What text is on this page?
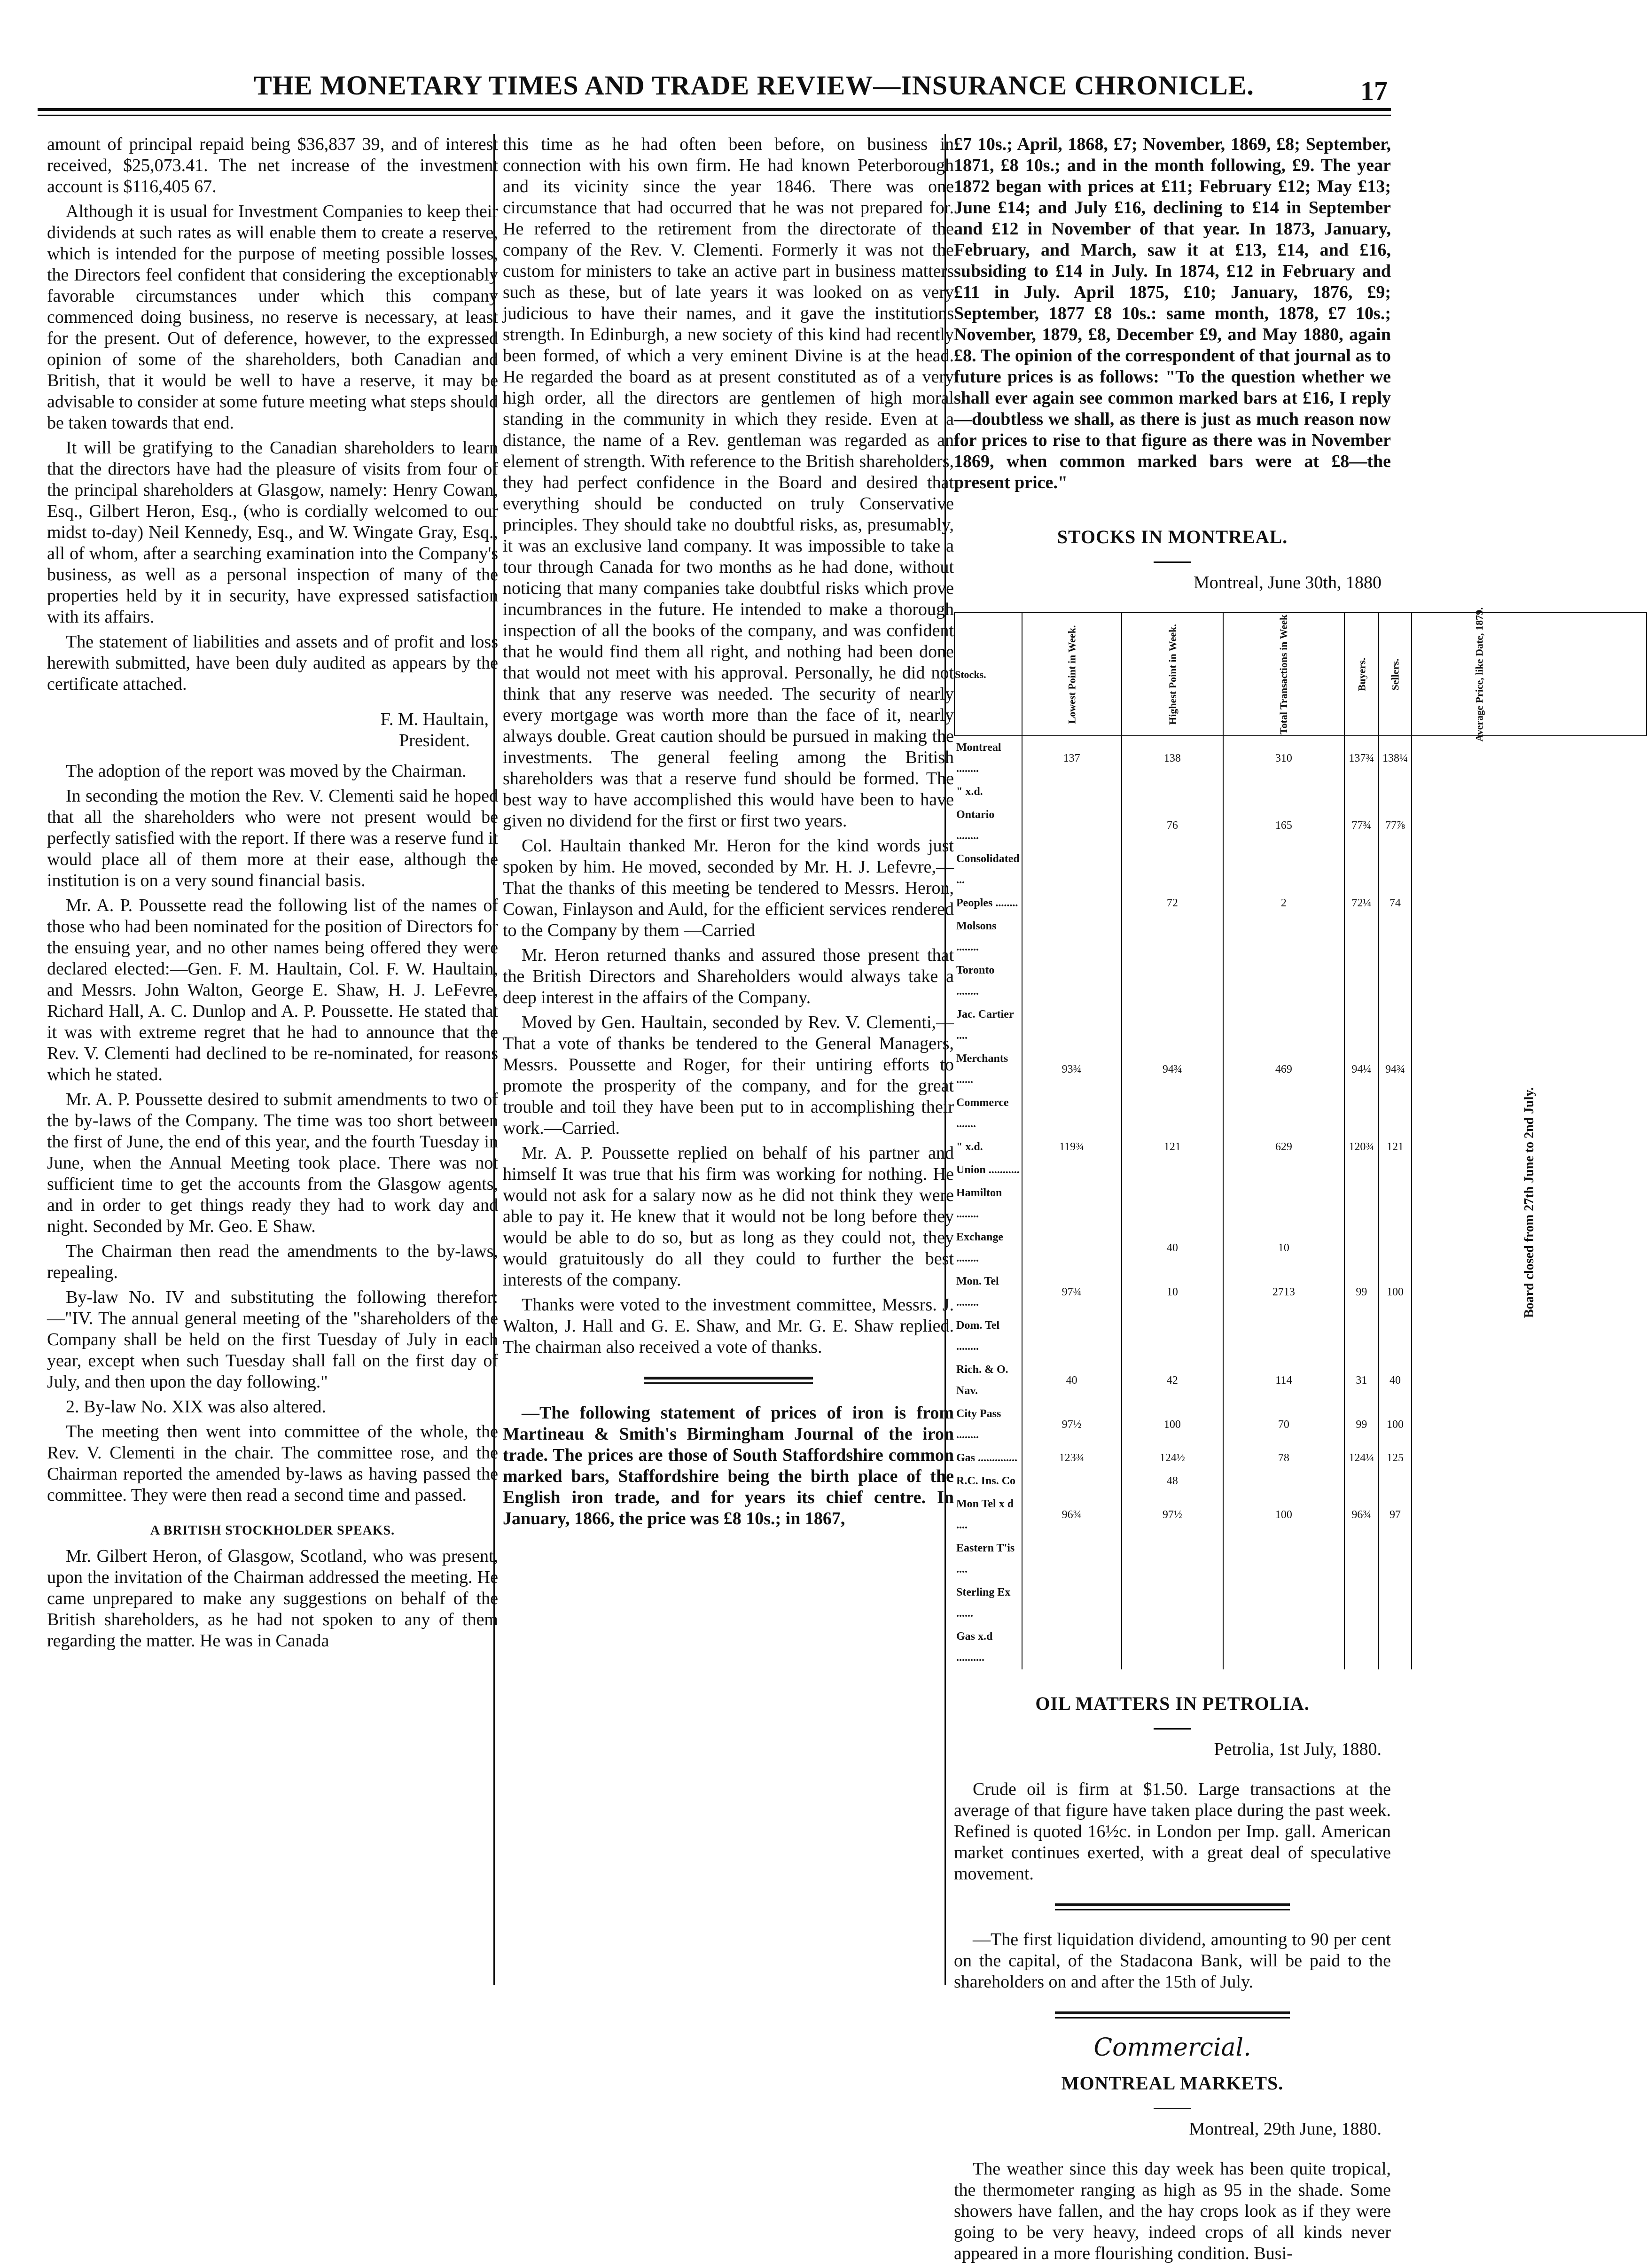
THE MONETARY TIMES AND TRADE REVIEW—INSURANCE CHRONICLE.	17

amount of principal repaid being $36,837 39, and of interest received, $25,073.41. The net increase of the investment account is $116,405 67.

Although it is usual for Investment Companies to keep their dividends at such rates as will enable them to create a reserve, which is intended for the purpose of meeting possible losses, the Directors feel confident that considering the exceptionably favorable circumstances under which this company commenced doing business, no reserve is necessary, at least for the present. Out of deference, however, to the expressed opinion of some of the shareholders, both Canadian and British, that it would be well to have a reserve, it may be advisable to consider at some future meeting what steps should be taken towards that end.

It will be gratifying to the Canadian shareholders to learn that the directors have had the pleasure of visits from four of the principal shareholders at Glasgow, namely: Henry Cowan, Esq., Gilbert Heron, Esq., (who is cordially welcomed to our midst to-day) Neil Kennedy, Esq., and W. Wingate Gray, Esq., all of whom, after a searching examination into the Company's business, as well as a personal inspection of many of the properties held by it in security, have expressed satisfaction with its affairs.

The statement of liabilities and assets and of profit and loss herewith submitted, have been duly audited as appears by the certificate attached.

F. M. Haultain,
President.

The adoption of the report was moved by the Chairman.

In seconding the motion the Rev. V. Clementi said he hoped that all the shareholders who were not present would be perfectly satisfied with the report. If there was a reserve fund it would place all of them more at their ease, although the institution is on a very sound financial basis.

Mr. A. P. Poussette read the following list of the names of those who had been nominated for the position of Directors for the ensuing year, and no other names being offered they were declared elected:—Gen. F. M. Haultain, Col. F. W. Haultain, and Messrs. John Walton, George E. Shaw, H. J. LeFevre, Richard Hall, A. C. Dunlop and A. P. Poussette. He stated that it was with extreme regret that he had to announce that the Rev. V. Clementi had declined to be re-nominated, for reasons which he stated.

Mr. A. P. Poussette desired to submit amendments to two of the by-laws of the Company. The time was too short between the first of June, the end of this year, and the fourth Tuesday in June, when the Annual Meeting took place. There was not sufficient time to get the accounts from the Glasgow agents, and in order to get things ready they had to work day and night. Seconded by Mr. Geo. E Shaw.

The Chairman then read the amendments to the by-laws, repealing.

By-law No. IV and substituting the following therefor:—"IV. The annual general meeting of the "shareholders of the Company shall be held on the first Tuesday of July in each year, except when such Tuesday shall fall on the first day of July, and then upon the day following."

2. By-law No. XIX was also altered.

The meeting then went into committee of the whole, the Rev. V. Clementi in the chair. The committee rose, and the Chairman reported the amended by-laws as having passed the committee. They were then read a second time and passed.

A BRITISH STOCKHOLDER SPEAKS.

Mr. Gilbert Heron, of Glasgow, Scotland, who was present, upon the invitation of the Chairman addressed the meeting. He came unprepared to make any suggestions on behalf of the British shareholders, as he had not spoken to any of them regarding the matter. He was in Canada

this time as he had often been before, on business in connection with his own firm. He had known Peterborough and its vicinity since the year 1846. There was one circumstance that had occurred that he was not prepared for. He referred to the retirement from the directorate of the company of the Rev. V. Clementi. Formerly it was not the custom for ministers to take an active part in business matters such as these, but of late years it was looked on as very judicious to have their names, and it gave the institutions strength. In Edinburgh, a new society of this kind had recently been formed, of which a very eminent Divine is at the head. He regarded the board as at present constituted as of a very high order, all the directors are gentlemen of high moral standing in the community in which they reside. Even at a distance, the name of a Rev. gentleman was regarded as an element of strength. With reference to the British shareholders, they had perfect confidence in the Board and desired that everything should be conducted on truly Conservative principles. They should take no doubtful risks, as, presumably, it was an exclusive land company. It was impossible to take a tour through Canada for two months as he had done, without noticing that many companies take doubtful risks which prove incumbrances in the future. He intended to make a thorough inspection of all the books of the company, and was confident that he would find them all right, and nothing had been done that would not meet with his approval. Personally, he did not think that any reserve was needed. The security of nearly every mortgage was worth more than the face of it, nearly always double. Great caution should be pursued in making the investments. The general feeling among the British shareholders was that a reserve fund should be formed. The best way to have accomplished this would have been to have given no dividend for the first or first two years.

Col. Haultain thanked Mr. Heron for the kind words just spoken by him. He moved, seconded by Mr. H. J. Lefevre,—That the thanks of this meeting be tendered to Messrs. Heron, Cowan, Finlayson and Auld, for the efficient services rendered to the Company by them —Carried

Mr. Heron returned thanks and assured those present that the British Directors and Shareholders would always take a deep interest in the affairs of the Company.

Moved by Gen. Haultain, seconded by Rev. V. Clementi,—That a vote of thanks be tendered to the General Managers, Messrs. Poussette and Roger, for their untiring efforts to promote the prosperity of the company, and for the great trouble and toil they have been put to in accomplishing their work.—Carried.

Mr. A. P. Poussette replied on behalf of his partner and himself It was true that his firm was working for nothing. He would not ask for a salary now as he did not think they were able to pay it. He knew that it would not be long before they would be able to do so, but as long as they could not, they would gratuitously do all they could to further the best interests of the company.

Thanks were voted to the investment committee, Messrs. J. Walton, J. Hall and G. E. Shaw, and Mr. G. E. Shaw replied. The chairman also received a vote of thanks.

—The following statement of prices of iron is from Martineau & Smith's Birmingham Journal of the iron trade. The prices are those of South Staffordshire common marked bars, Staffordshire being the birth place of the English iron trade, and for years its chief centre. In January, 1866, the price was £8 10s.; in 1867,

£7 10s.; April, 1868, £7; November, 1869, £8; September, 1871, £8 10s.; and in the month following, £9. The year 1872 began with prices at £11; February £12; May £13; June £14; and July £16, declining to £14 in September and £12 in November of that year. In 1873, January, February, and March, saw it at £13, £14, and £16, subsiding to £14 in July. In 1874, £12 in February and £11 in July. April 1875, £10; January, 1876, £9; September, 1877 £8 10s.: same month, 1878, £7 10s.; November, 1879, £8, December £9, and May 1880, again £8. The opinion of the correspondent of that journal as to future prices is as follows: "To the question whether we shall ever again see common marked bars at £16, I reply—doubtless we shall, as there is just as much reason now for prices to rise to that figure as there was in November 1869, when common marked bars were at £8—the present price."

STOCKS IN MONTREAL.
Montreal, June 30th, 1880
Stocks.	Lowest Point in Week.	Highest Point in Week.	Total Transactions in Week	Buyers.	Sellers.	Average Price, like Date, 1879.
Montreal ........	137	138	310	137¾	138¼	Board closed from 27th June to 2nd July.
" x.d.						
Ontario ........		76	165	77¾	77⅞	
Consolidated ...						
Peoples ........		72	2	72¼	74	
Molsons ........						
Toronto ........						
Jac. Cartier ....						
Merchants ......	93¾	94¾	469	94¼	94¾	
Commerce .......						
" x.d.	119¾	121	629	120¾	121	
Union ...........						
Hamilton ........						
Exchange ........		40	10			
Mon. Tel ........	97¾	10	2713	99	100	
Dom. Tel ........						
Rich. & O. Nav.	40	42	114	31	40	
City Pass ........	97½	100	70	99	100	
Gas ..............	123¾	124½	78	124¼	125	
R.C. Ins. Co		48				
Mon Tel x d ....	96¾	97½	100	96¾	97	
Eastern T'is ....						
Sterling Ex ......						
Gas x.d ..........						
OIL MATTERS IN PETROLIA.
Petrolia, 1st July, 1880.

Crude oil is firm at $1.50. Large transactions at the average of that figure have taken place during the past week. Refined is quoted 16½c. in London per Imp. gall. American market continues exerted, with a great deal of speculative movement.

—The first liquidation dividend, amounting to 90 per cent on the capital, of the Stadacona Bank, will be paid to the shareholders on and after the 15th of July.

Commercial.
MONTREAL MARKETS.
Montreal, 29th June, 1880.

The weather since this day week has been quite tropical, the thermometer ranging as high as 95 in the shade. Some showers have fallen, and the hay crops look as if they were going to be very heavy, indeed crops of all kinds never appeared in a more flourishing condition. Busi-
